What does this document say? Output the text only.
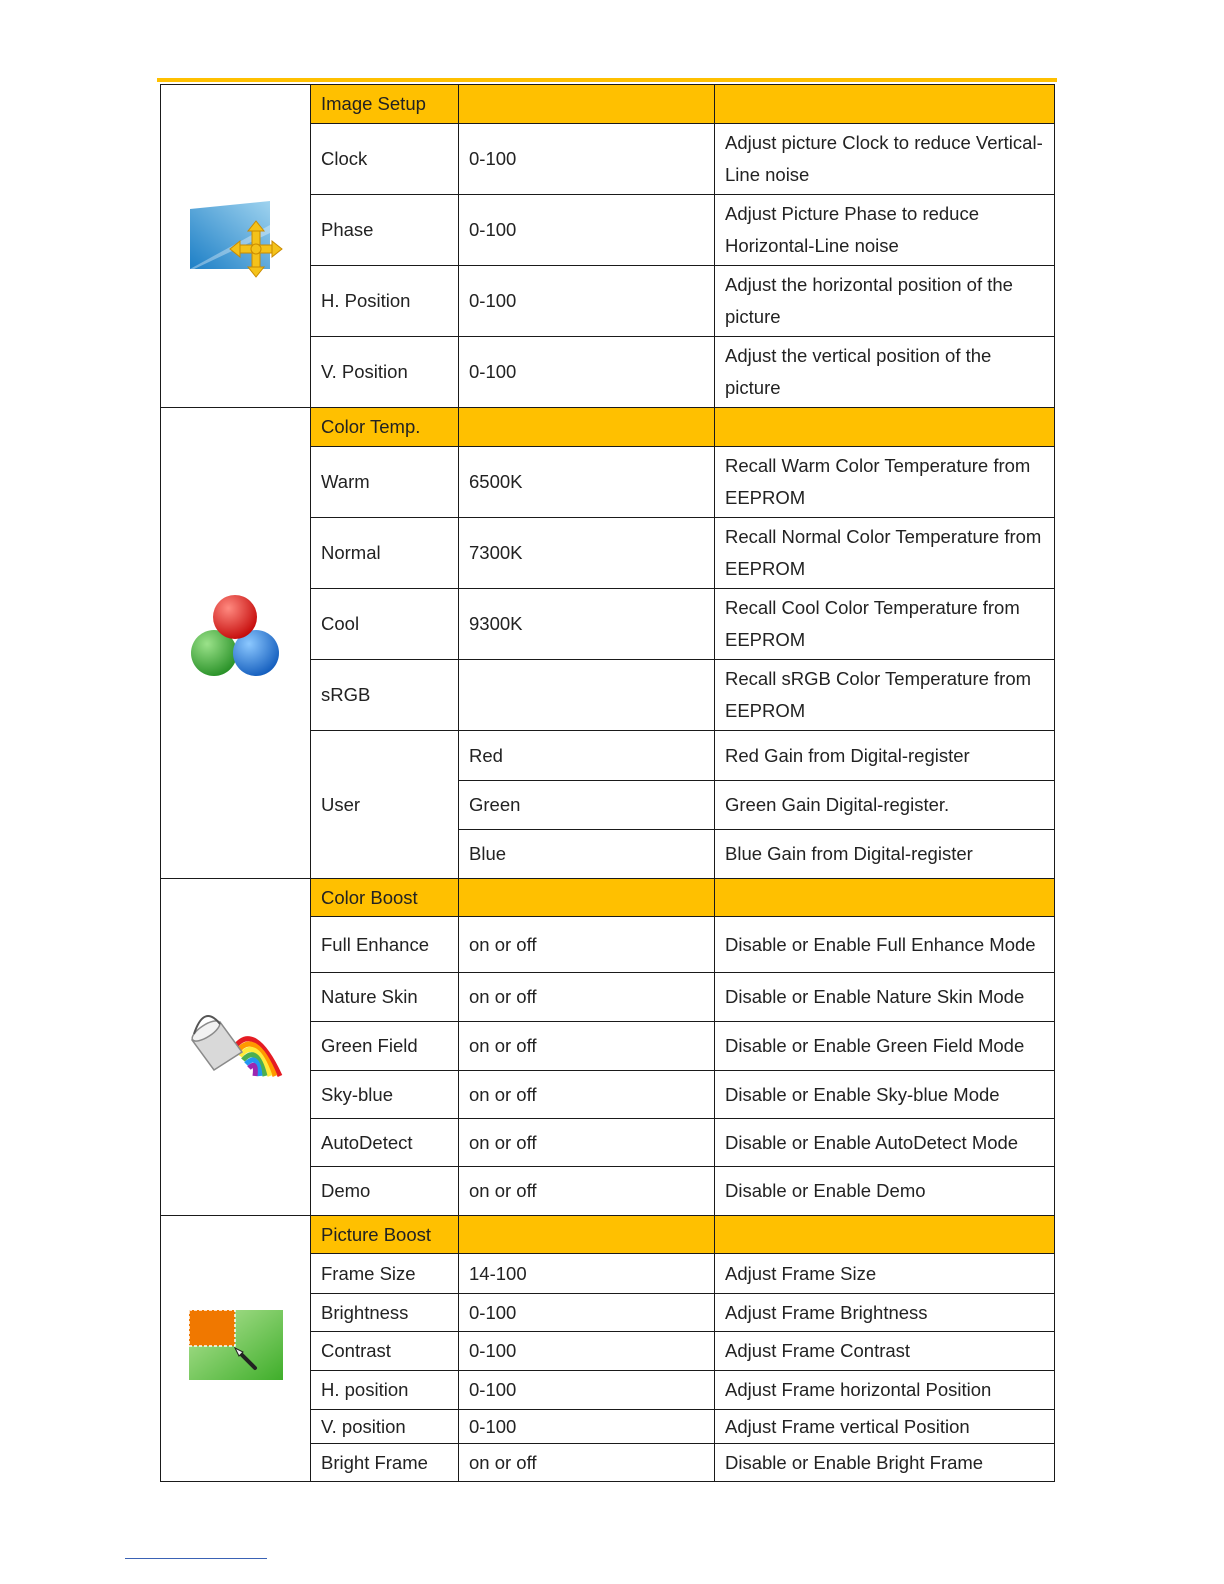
	Image Setup		
	Clock	0-100	Adjust picture Clock to reduce Vertical-Line noise
	Phase	0-100	Adjust Picture Phase to reduce Horizontal-Line noise
	H. Position	0-100	Adjust the horizontal position of the picture
	V. Position	0-100	Adjust the vertical position of the picture
	Color Temp.		
	Warm	6500K	Recall Warm Color Temperature from EEPROM
	Normal	7300K	Recall Normal Color Temperature from EEPROM
	Cool	9300K	Recall Cool Color Temperature from EEPROM
	sRGB		Recall sRGB Color Temperature from EEPROM
	User	Red	Red Gain from Digital-register
		Green	Green Gain Digital-register.
		Blue	Blue Gain from Digital-register
	Color Boost		
	Full Enhance	on or off	Disable or Enable Full Enhance Mode
	Nature Skin	on or off	Disable or Enable Nature Skin Mode
	Green Field	on or off	Disable or Enable Green Field Mode
	Sky-blue	on or off	Disable or Enable Sky-blue Mode
	AutoDetect	on or off	Disable or Enable AutoDetect Mode
	Demo	on or off	Disable or Enable Demo
	Picture Boost		
	Frame Size	14-100	Adjust Frame Size
	Brightness	0-100	Adjust Frame Brightness
	Contrast	0-100	Adjust Frame Contrast
	H. position	0-100	Adjust Frame horizontal Position
	V. position	0-100	Adjust Frame vertical Position
	Bright Frame	on or off	Disable or Enable Bright Frame
